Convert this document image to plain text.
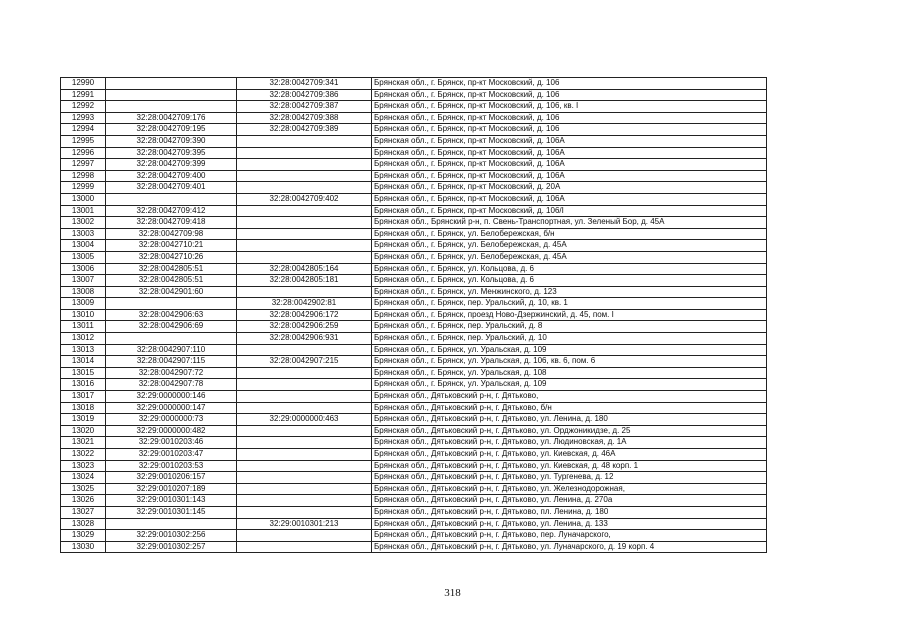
12990		32:28:0042709:341	Брянская обл., г. Брянск, пр-кт Московский, д. 106
12991		32:28:0042709:386	Брянская обл., г. Брянск, пр-кт Московский, д. 106
12992		32:28:0042709:387	Брянская обл., г. Брянск, пр-кт Московский, д. 106, кв. I
12993	32:28:0042709:176	32:28:0042709:388	Брянская обл., г. Брянск, пр-кт Московский, д. 106
12994	32:28:0042709:195	32:28:0042709:389	Брянская обл., г. Брянск, пр-кт Московский, д. 106
12995	32:28:0042709:390		Брянская обл., г. Брянск, пр-кт Московский, д. 106А
12996	32:28:0042709:395		Брянская обл., г. Брянск, пр-кт Московский, д. 106А
12997	32:28:0042709:399		Брянская обл., г. Брянск, пр-кт Московский, д. 106А
12998	32:28:0042709:400		Брянская обл., г. Брянск, пр-кт Московский, д. 106А
12999	32:28:0042709:401		Брянская обл., г. Брянск, пр-кт Московский, д. 20А
13000		32:28:0042709:402	Брянская обл., г. Брянск, пр-кт Московский, д. 106А
13001	32:28:0042709:412		Брянская обл., г. Брянск, пр-кт Московский, д. 106/I
13002	32:28:0042709:418		Брянская обл., Брянский р-н, п. Свень-Транспортная, ул. Зеленый Бор, д. 45А
13003	32:28:0042709:98		Брянская обл., г. Брянск, ул. Белобережская, б/н
13004	32:28:0042710:21		Брянская обл., г. Брянск, ул. Белобережская, д. 45А
13005	32:28:0042710:26		Брянская обл., г. Брянск, ул. Белобережская, д. 45А
13006	32:28:0042805:51	32:28:0042805:164	Брянская обл., г. Брянск, ул. Кольцова, д. 6
13007	32:28:0042805:51	32:28:0042805:181	Брянская обл., г. Брянск, ул. Кольцова, д. 6
13008	32:28:0042901:60		Брянская обл., г. Брянск, ул. Менжинского, д. 123
13009		32:28:0042902:81	Брянская обл., г. Брянск, пер. Уральский, д. 10, кв. 1
13010	32:28:0042906:63	32:28:0042906:172	Брянская обл., г. Брянск, проезд Ново-Дзержинский, д. 45, пом. I
13011	32:28:0042906:69	32:28:0042906:259	Брянская обл., г. Брянск, пер. Уральский, д. 8
13012		32:28:0042906:931	Брянская обл., г. Брянск, пер. Уральский, д. 10
13013	32:28:0042907:110		Брянская обл., г. Брянск, ул. Уральская, д. 109
13014	32:28:0042907:115	32:28:0042907:215	Брянская обл., г. Брянск, ул. Уральская, д. 106, кв. 6, пом. 6
13015	32:28:0042907:72		Брянская обл., г. Брянск, ул. Уральская, д. 108
13016	32:28:0042907:78		Брянская обл., г. Брянск, ул. Уральская, д. 109
13017	32:29:0000000:146		Брянская обл., Дятьковский р-н, г. Дятьково,
13018	32:29:0000000:147		Брянская обл., Дятьковский р-н, г. Дятьково, б/н
13019	32:29:0000000:73	32:29:0000000:463	Брянская обл., Дятьковский р-н, г. Дятьково, ул. Ленина, д. 180
13020	32:29:0000000:482		Брянская обл., Дятьковский р-н, г. Дятьково, ул. Орджоникидзе, д. 25
13021	32:29:0010203:46		Брянская обл., Дятьковский р-н, г. Дятьково, ул. Людиновская, д. 1А
13022	32:29:0010203:47		Брянская обл., Дятьковский р-н, г. Дятьково, ул. Киевская, д. 46А
13023	32:29:0010203:53		Брянская обл., Дятьковский р-н, г. Дятьково, ул. Киевская, д. 48 корп. 1
13024	32:29:0010206:157		Брянская обл., Дятьковский р-н, г. Дятьково, ул. Тургенева, д. 12
13025	32:29:0010207:189		Брянская обл., Дятьковский р-н, г. Дятьково, ул. Железнодорожная,
13026	32:29:0010301:143		Брянская обл., Дятьковский р-н, г. Дятьково, ул. Ленина, д. 270а
13027	32:29:0010301:145		Брянская обл., Дятьковский р-н, г. Дятьково, пл. Ленина, д. 180
13028		32:29:0010301:213	Брянская обл., Дятьковский р-н, г. Дятьково, ул. Ленина, д. 133
13029	32:29:0010302:256		Брянская обл., Дятьковский р-н, г. Дятьково, пер. Луначарского,
13030	32:29:0010302:257		Брянская обл., Дятьковский р-н, г. Дятьково, ул. Луначарского, д. 19 корп. 4
318
